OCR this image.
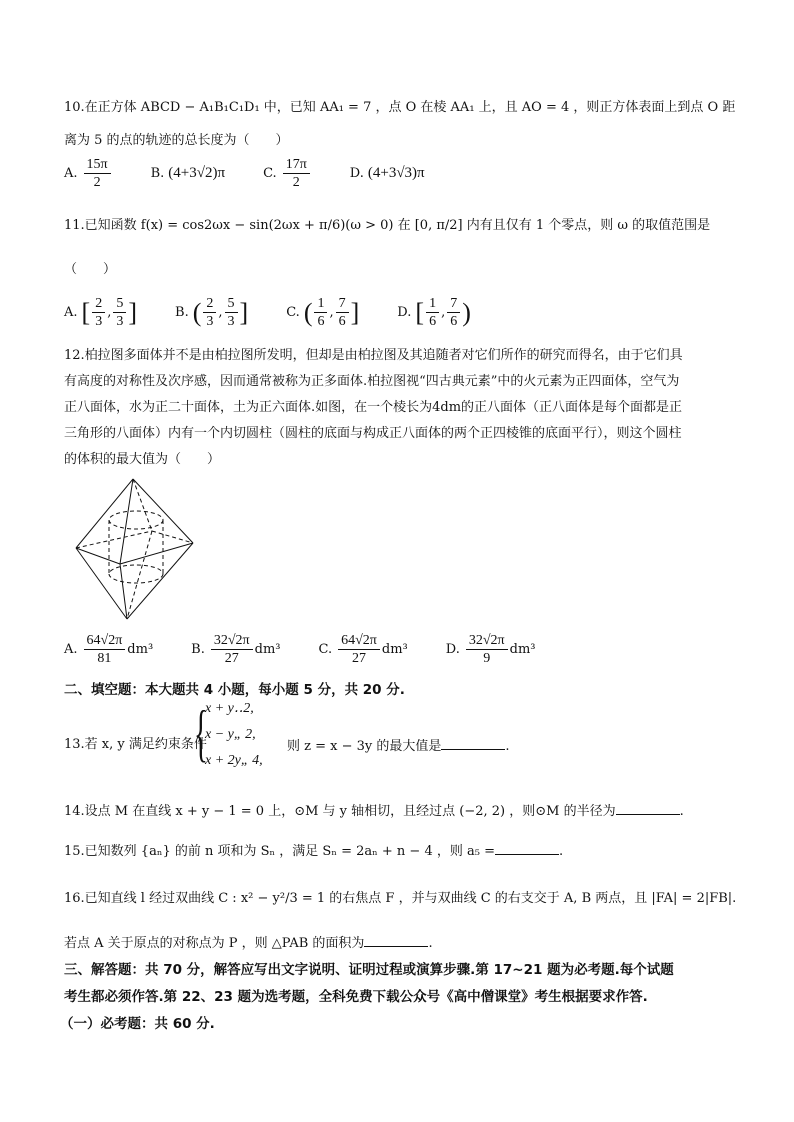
10.在正方体 ABCD − A₁B₁C₁D₁ 中，已知 AA₁ = 7 ，点 O 在棱 AA₁ 上，且 AO = 4 ，则正方体表面上到点 O 距
离为 5 的点的轨迹的总长度为（　　）
A. $\frac{15\pi}{2}$	B. (4+3√2)π	C. $\frac{17\pi}{2}$	D. (4+3√3)π
11.已知函数 f(x) = cos2ωx − sin(2ωx + π/6)(ω > 0) 在 [0, π/2] 内有且仅有 1 个零点，则 ω 的取值范围是
（　　）
A. [ $\frac{2}{3}$ , $\frac{5}{3}$ ]	B. ( $\frac{2}{3}$ , $\frac{5}{3}$ ]	C. ( $\frac{1}{6}$ , $\frac{7}{6}$ ]	D. [ $\frac{1}{6}$ , $\frac{7}{6}$ )
12.柏拉图多面体并不是由柏拉图所发明，但却是由柏拉图及其追随者对它们所作的研究而得名，由于它们具
有高度的对称性及次序感，因而通常被称为正多面体.柏拉图视“四古典元素”中的火元素为正四面体，空气为
正八面体，水为正二十面体，土为正六面体.如图，在一个棱长为4dm的正八面体（正八面体是每个面都是正
三角形的八面体）内有一个内切圆柱（圆柱的底面与构成正八面体的两个正四棱锥的底面平行），则这个圆柱
的体积的最大值为（　　）
A. $\frac{64√2\pi}{81} dm^3$	B. $\frac{32√2\pi}{27} dm^3$	C. $\frac{64√2\pi}{27} dm^3$	D. $\frac{32√2\pi}{9} dm^3$
二、填空题：本大题共 4 小题，每小题 5 分，共 20 分.
13.若 x, y 满足约束条件
{
x + y‥2,
x − y„ 2,
x + 2y„ 4,
则 z = x − 3y 的最大值是	.
14.设点 M 在直线 x + y − 1 = 0 上，⊙M 与 y 轴相切，且经过点 (−2, 2) ，则⊙M 的半径为	.
15.已知数列 {aₙ} 的前 n 项和为 Sₙ ，满足 Sₙ = 2aₙ + n − 4 ，则 a₅ =	.
16.已知直线 l 经过双曲线 C : x² − y²/3 = 1 的右焦点 F ，并与双曲线 C 的右支交于 A, B 两点，且 |FA| = 2|FB|.
若点 A 关于原点的对称点为 P ，则 △PAB 的面积为	.
三、解答题：共 70 分，解答应写出文字说明、证明过程或演算步骤.第 17~21 题为必考题.每个试题
考生都必须作答.第 22、23 题为选考题，全科免费下载公众号《高中僧课堂》考生根据要求作答.
（一）必考题：共 60 分.
